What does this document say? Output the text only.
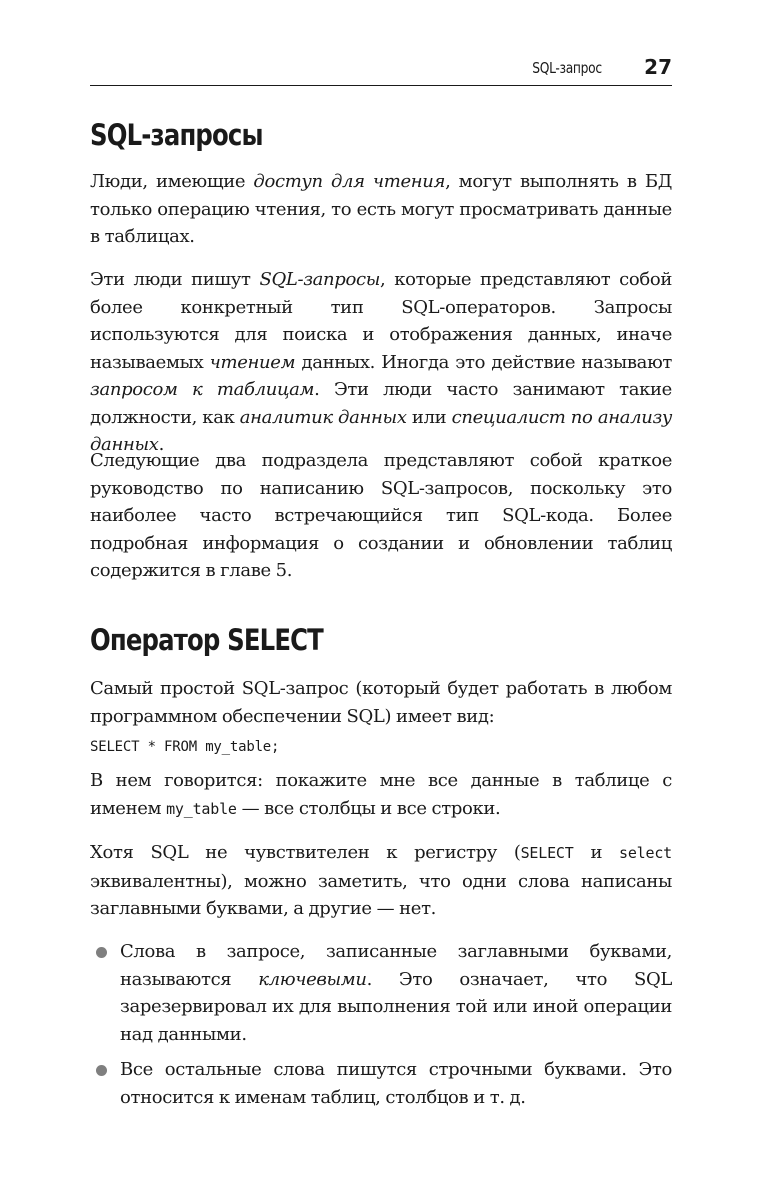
SQL-запрос 27
SQL-запросы

Люди, имеющие доступ для чтения, могут выполнять в БД только операцию чтения, то есть могут просматривать данные в таблицах.

Эти люди пишут SQL-запросы, которые представляют собой более конкретный тип SQL-операторов. Запросы используются для поиска и отображения данных, иначе называемых чтением данных. Иногда это действие называют запросом к таблицам. Эти люди часто занимают такие должности, как аналитик данных или специалист по анализу данных.

Следующие два подраздела представляют собой краткое руководство по написанию SQL-запросов, поскольку это наиболее часто встречающийся тип SQL-кода. Более подробная информация о создании и обновлении таблиц содержится в главе 5.

Оператор SELECT

Самый простой SQL-запрос (который будет работать в любом программном обеспечении SQL) имеет вид:

SELECT * FROM my_table;

В нем говорится: покажите мне все данные в таблице с именем my_table — все столбцы и все строки.

Хотя SQL не чувствителен к регистру (SELECT и select эквивалентны), можно заметить, что одни слова написаны заглавными буквами, а другие — нет.

Слова в запросе, записанные заглавными буквами, называются ключевыми. Это означает, что SQL зарезервировал их для выполнения той или иной операции над данными.
Все остальные слова пишутся строчными буквами. Это относится к именам таблиц, столбцов и т. д.
